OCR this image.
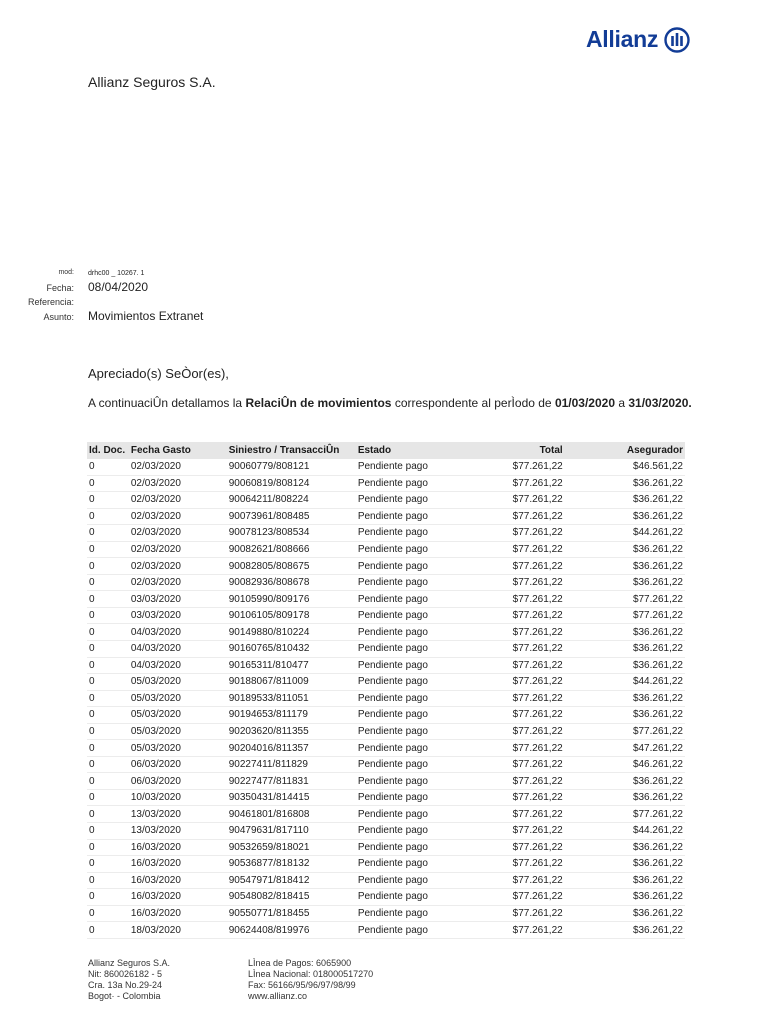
Allianz
Allianz Seguros S.A.
mod: drhc00 _ 10267. 1
Fecha: 08/04/2020
Referencia:
Asunto: Movimientos Extranet
Apreciado(s) SeÒor(es),
A continuaciÛn detallamos la RelaciÛn de movimientos correspondente al perÌodo de 01/03/2020 a 31/03/2020.
Id. Doc.	Fecha Gasto	Siniestro / TransacciÛn	Estado	Total	Asegurador
0	02/03/2020	90060779/808121	Pendiente pago	$77.261,22	$46.561,22
0	02/03/2020	90060819/808124	Pendiente pago	$77.261,22	$36.261,22
0	02/03/2020	90064211/808224	Pendiente pago	$77.261,22	$36.261,22
0	02/03/2020	90073961/808485	Pendiente pago	$77.261,22	$36.261,22
0	02/03/2020	90078123/808534	Pendiente pago	$77.261,22	$44.261,22
0	02/03/2020	90082621/808666	Pendiente pago	$77.261,22	$36.261,22
0	02/03/2020	90082805/808675	Pendiente pago	$77.261,22	$36.261,22
0	02/03/2020	90082936/808678	Pendiente pago	$77.261,22	$36.261,22
0	03/03/2020	90105990/809176	Pendiente pago	$77.261,22	$77.261,22
0	03/03/2020	90106105/809178	Pendiente pago	$77.261,22	$77.261,22
0	04/03/2020	90149880/810224	Pendiente pago	$77.261,22	$36.261,22
0	04/03/2020	90160765/810432	Pendiente pago	$77.261,22	$36.261,22
0	04/03/2020	90165311/810477	Pendiente pago	$77.261,22	$36.261,22
0	05/03/2020	90188067/811009	Pendiente pago	$77.261,22	$44.261,22
0	05/03/2020	90189533/811051	Pendiente pago	$77.261,22	$36.261,22
0	05/03/2020	90194653/811179	Pendiente pago	$77.261,22	$36.261,22
0	05/03/2020	90203620/811355	Pendiente pago	$77.261,22	$77.261,22
0	05/03/2020	90204016/811357	Pendiente pago	$77.261,22	$47.261,22
0	06/03/2020	90227411/811829	Pendiente pago	$77.261,22	$46.261,22
0	06/03/2020	90227477/811831	Pendiente pago	$77.261,22	$36.261,22
0	10/03/2020	90350431/814415	Pendiente pago	$77.261,22	$36.261,22
0	13/03/2020	90461801/816808	Pendiente pago	$77.261,22	$77.261,22
0	13/03/2020	90479631/817110	Pendiente pago	$77.261,22	$44.261,22
0	16/03/2020	90532659/818021	Pendiente pago	$77.261,22	$36.261,22
0	16/03/2020	90536877/818132	Pendiente pago	$77.261,22	$36.261,22
0	16/03/2020	90547971/818412	Pendiente pago	$77.261,22	$36.261,22
0	16/03/2020	90548082/818415	Pendiente pago	$77.261,22	$36.261,22
0	16/03/2020	90550771/818455	Pendiente pago	$77.261,22	$36.261,22
0	18/03/2020	90624408/819976	Pendiente pago	$77.261,22	$36.261,22
Allianz Seguros S.A.
Nit: 860026182 - 5
Cra. 13a No.29-24
Bogot· - Colombia
LÌnea de Pagos: 6065900
LÌnea Nacional: 018000517270
Fax: 56166/95/96/97/98/99
www.allianz.co
